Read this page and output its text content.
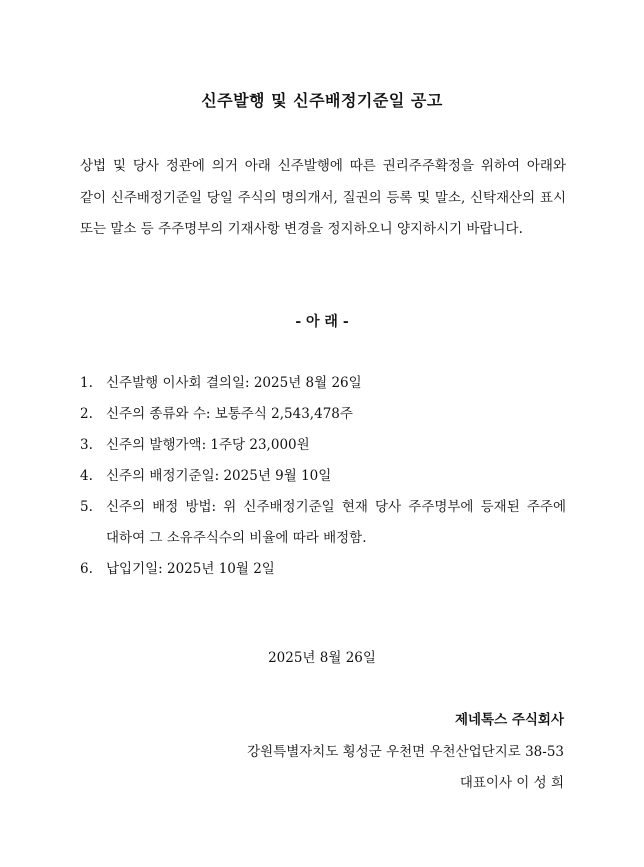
신주발행 및 신주배정기준일 공고
상법 및 당사 정관에 의거 아래 신주발행에 따른 권리주주확정을 위하여 아래와 같이 신주배정기준일 당일 주식의 명의개서, 질권의 등록 및 말소, 신탁재산의 표시 또는 말소 등 주주명부의 기재사항 변경을 정지하오니 양지하시기 바랍니다.
- 아 래 -
1. 신주발행 이사회 결의일: 2025년 8월 26일
2. 신주의 종류와 수: 보통주식 2,543,478주
3. 신주의 발행가액: 1주당 23,000원
4. 신주의 배정기준일: 2025년 9월 10일
5. 신주의 배정 방법: 위 신주배정기준일 현재 당사 주주명부에 등재된 주주에 대하여 그 소유주식수의 비율에 따라 배정함.
6. 납입기일: 2025년 10월 2일
2025년 8월 26일
제네톡스 주식회사
강원특별자치도 횡성군 우천면 우천산업단지로 38-53
대표이사 이 성 희
